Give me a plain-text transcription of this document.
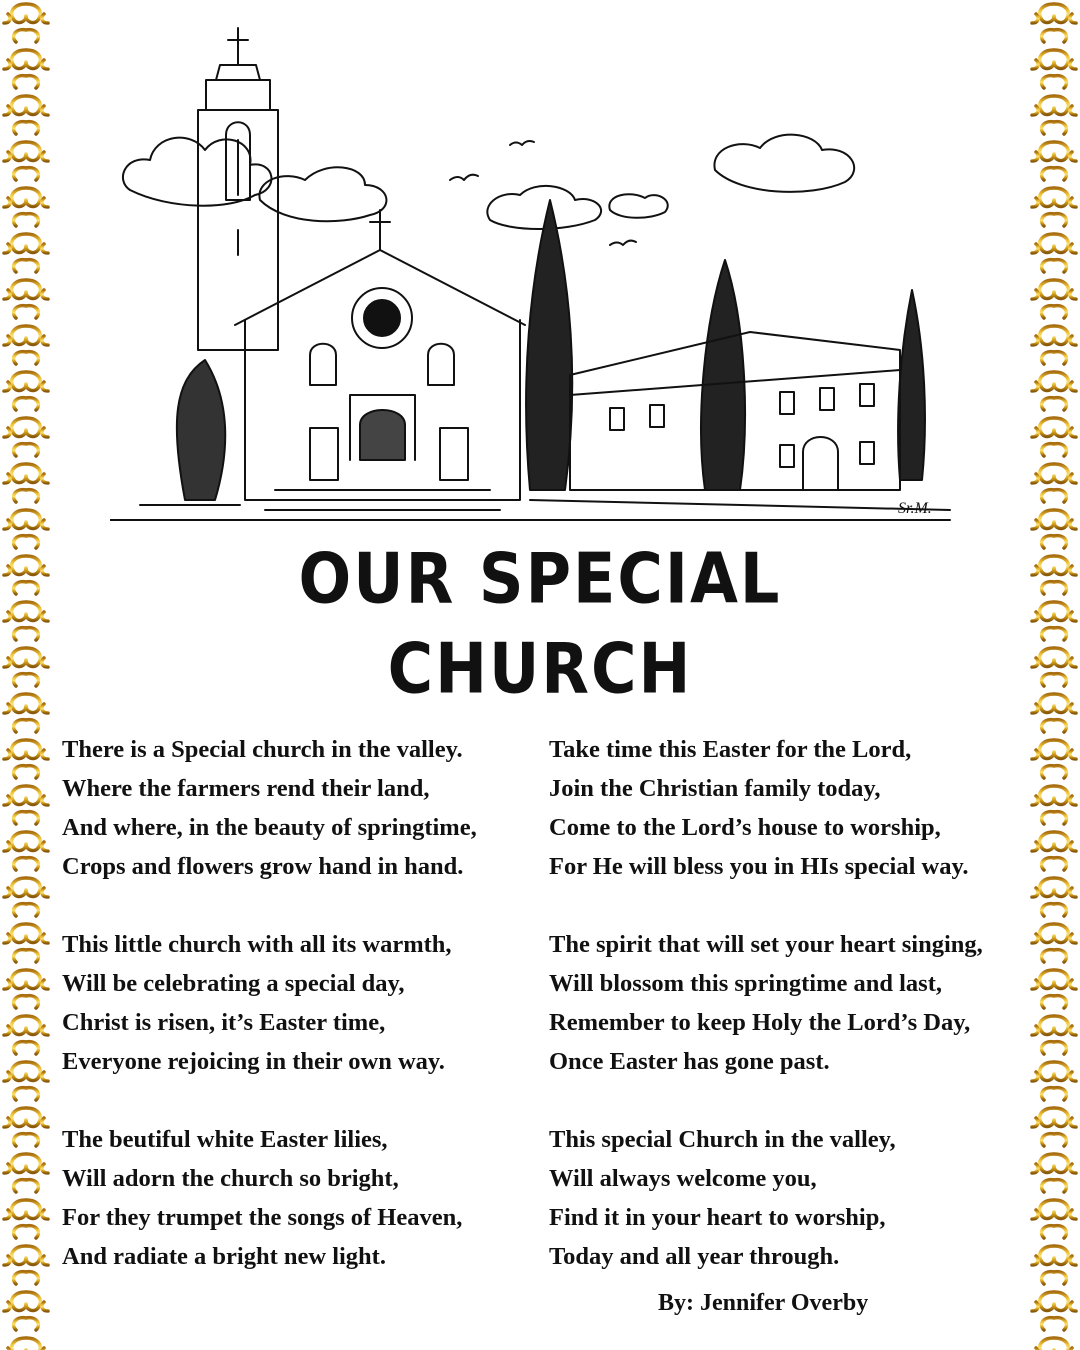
Sr.M.
OUR SPECIAL
CHURCH
There is a Special church in the valley.
Where the farmers rend their land,
And where, in the beauty of springtime,
Crops and flowers grow hand in hand.
This little church with all its warmth,
Will be celebrating a special day,
Christ is risen, it’s Easter time,
Everyone rejoicing in their own way.
The beutiful white Easter lilies,
Will adorn the church so bright,
For they trumpet the songs of Heaven,
And radiate a bright new light.
Take time this Easter for the Lord,
Join the Christian family today,
Come to the Lord’s house to worship,
For He will bless you in HIs special way.
The spirit that will set your heart singing,
Will blossom this springtime and last,
Remember to keep Holy the Lord’s Day,
Once Easter has gone past.
This special Church in the valley,
Will always welcome you,
Find it in your heart to worship,
Today and all year through.
By: Jennifer Overby
